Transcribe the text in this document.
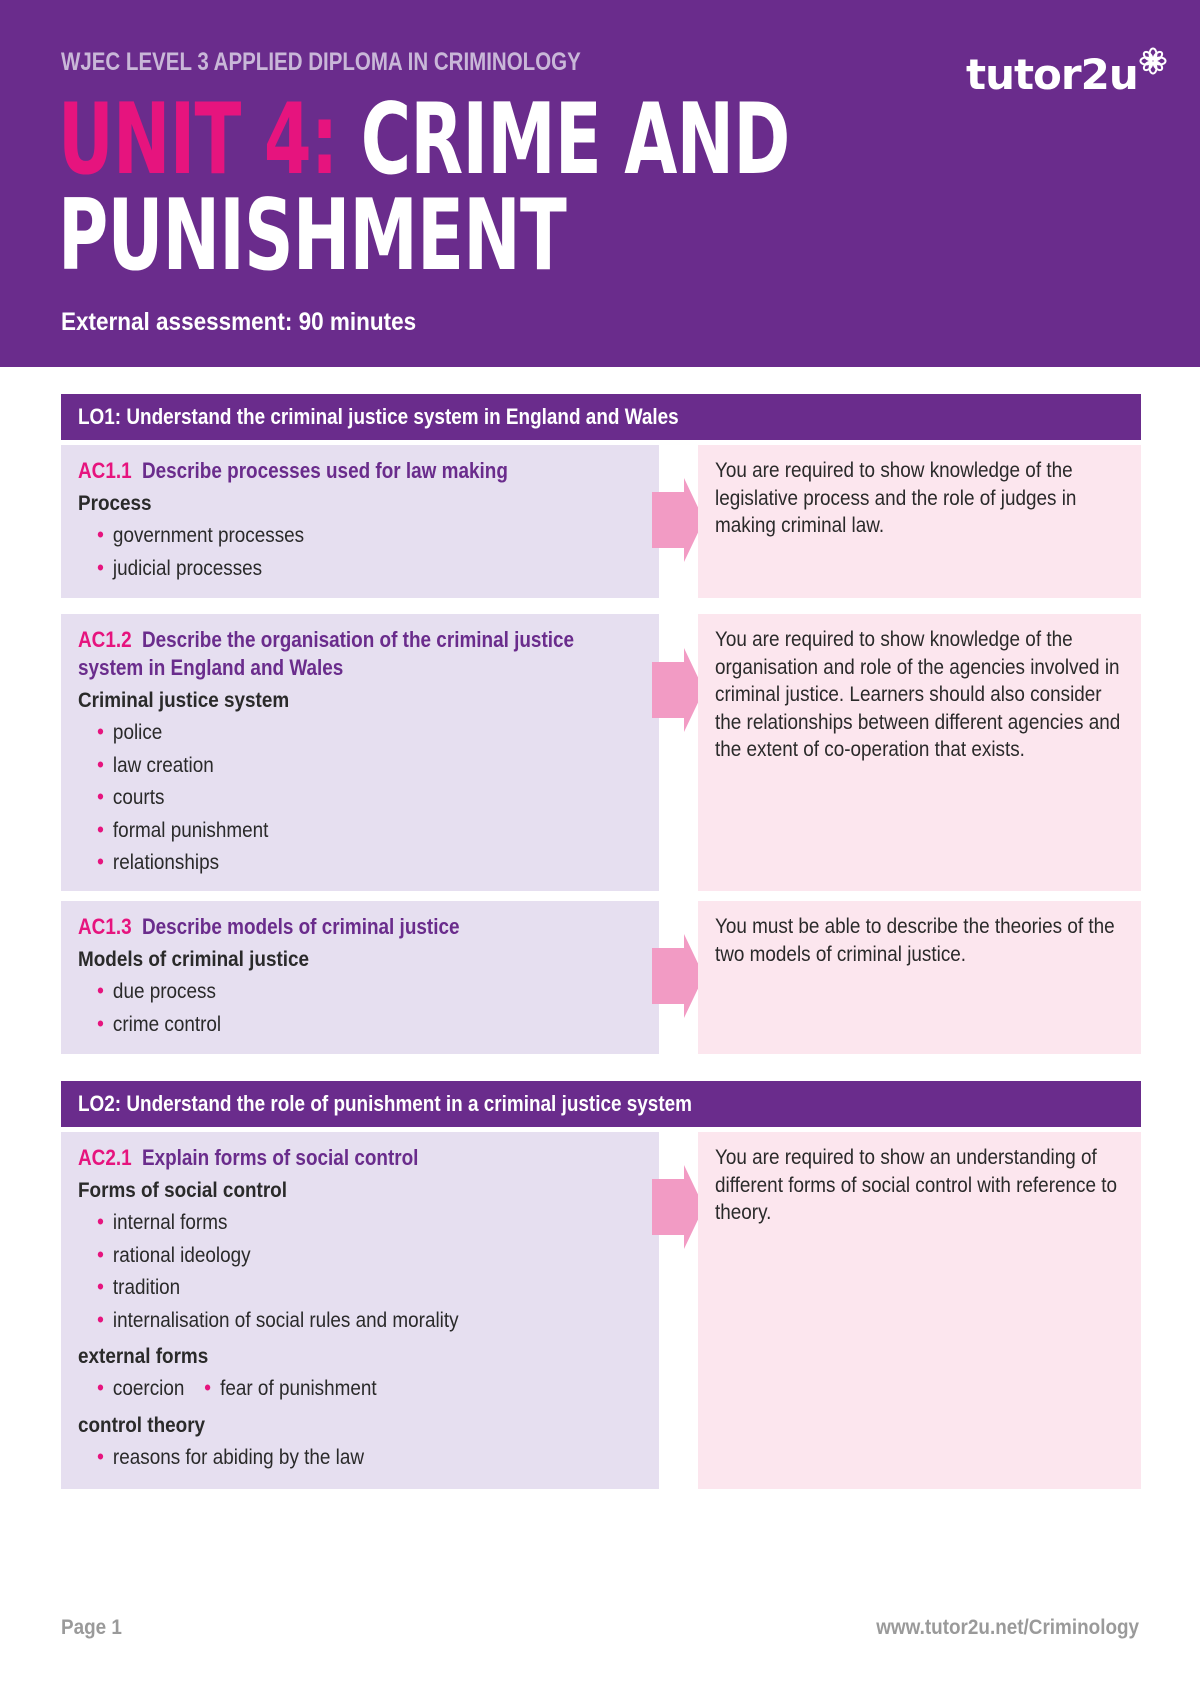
WJEC LEVEL 3 APPLIED DIPLOMA IN CRIMINOLOGY
UNIT 4: CRIME AND
PUNISHMENT
External assessment: 90 minutes
tutor2u
LO1: Understand the criminal justice system in England and Wales
AC1.1 Describe processes used for law making
Process
• government processes
• judicial processes
You are required to show knowledge of the legislative process and the role of judges in making criminal law.
AC1.2 Describe the organisation of the criminal justice system in England and Wales
Criminal justice system
• police
• law creation
• courts
• formal punishment
• relationships
You are required to show knowledge of the organisation and role of the agencies involved in criminal justice. Learners should also consider the relationships between different agencies and the extent of co-operation that exists.
AC1.3 Describe models of criminal justice
Models of criminal justice
• due process
• crime control
You must be able to describe the theories of the two models of criminal justice.
LO2: Understand the role of punishment in a criminal justice system
AC2.1 Explain forms of social control
Forms of social control
• internal forms
• rational ideology
• tradition
• internalisation of social rules and morality
external forms
• coercion
•	fear of punishment
control theory
• reasons for abiding by the law
You are required to show an understanding of different forms of social control with reference to theory.
Page 1	www.tutor2u.net/Criminology
